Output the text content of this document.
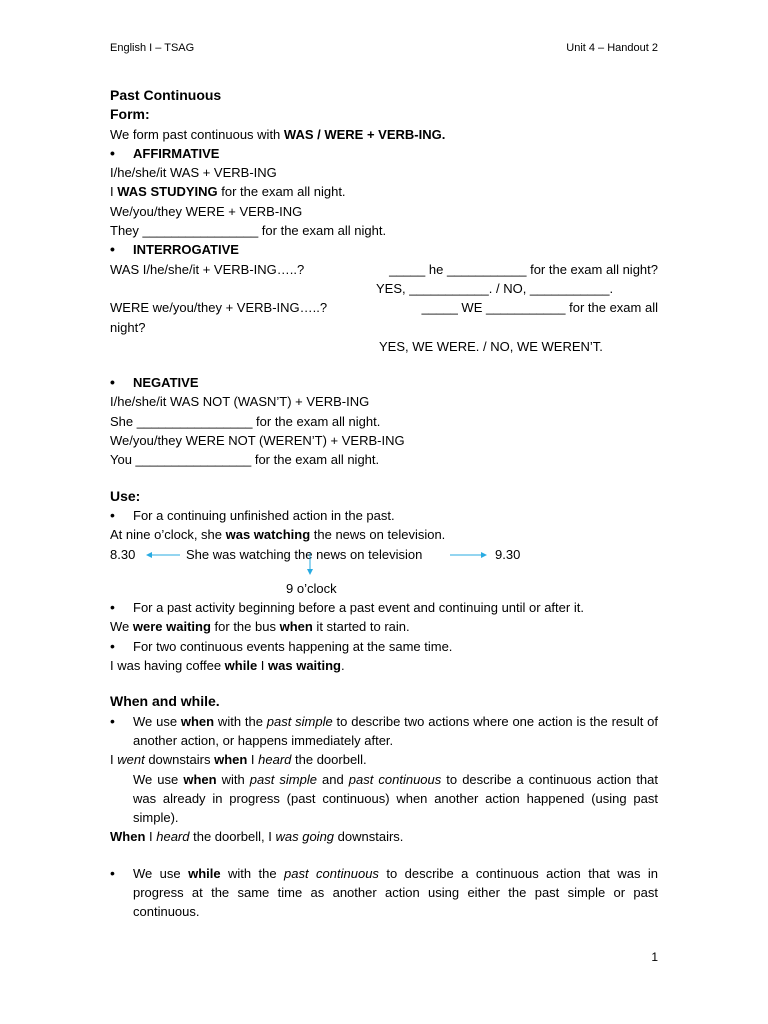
English I – TSAG	Unit 4 – Handout 2
Past Continuous
Form:
We form past continuous with WAS / WERE + VERB-ING.
• AFFIRMATIVE
I/he/she/it WAS + VERB-ING
I WAS STUDYING for the exam all night.
We/you/they WERE + VERB-ING
They ________________ for the exam all night.
• INTERROGATIVE
WAS I/he/she/it + VERB-ING…..?	_____ he ___________ for the exam all night?
YES, ___________. / NO, ___________.
WERE we/you/they + VERB-ING…..?	_____ WE ___________ for the exam all
night?
YES, WE WERE. / NO, WE WEREN’T.
• NEGATIVE
I/he/she/it WAS NOT (WASN’T) + VERB-ING
She ________________ for the exam all night.
We/you/they WERE NOT (WEREN’T) + VERB-ING
You ________________ for the exam all night.
Use:
• For a continuing unfinished action in the past.
At nine o’clock, she was watching the news on television.
8.30	She was watching the news on television	9.30
9 o’clock
• For a past activity beginning before a past event and continuing until or after it.
We were waiting for the bus when it started to rain.
• For two continuous events happening at the same time.
I was having coffee while I was waiting.
When and while.
• We use when with the past simple to describe two actions where one action is the result of another action, or happens immediately after.
I went downstairs when I heard the doorbell.
We use when with past simple and past continuous to describe a continuous action that was already in progress (past continuous) when another action happened (using past simple).
When I heard the doorbell, I was going downstairs.
• We use while with the past continuous to describe a continuous action that was in progress at the same time as another action using either the past simple or past continuous.
1
